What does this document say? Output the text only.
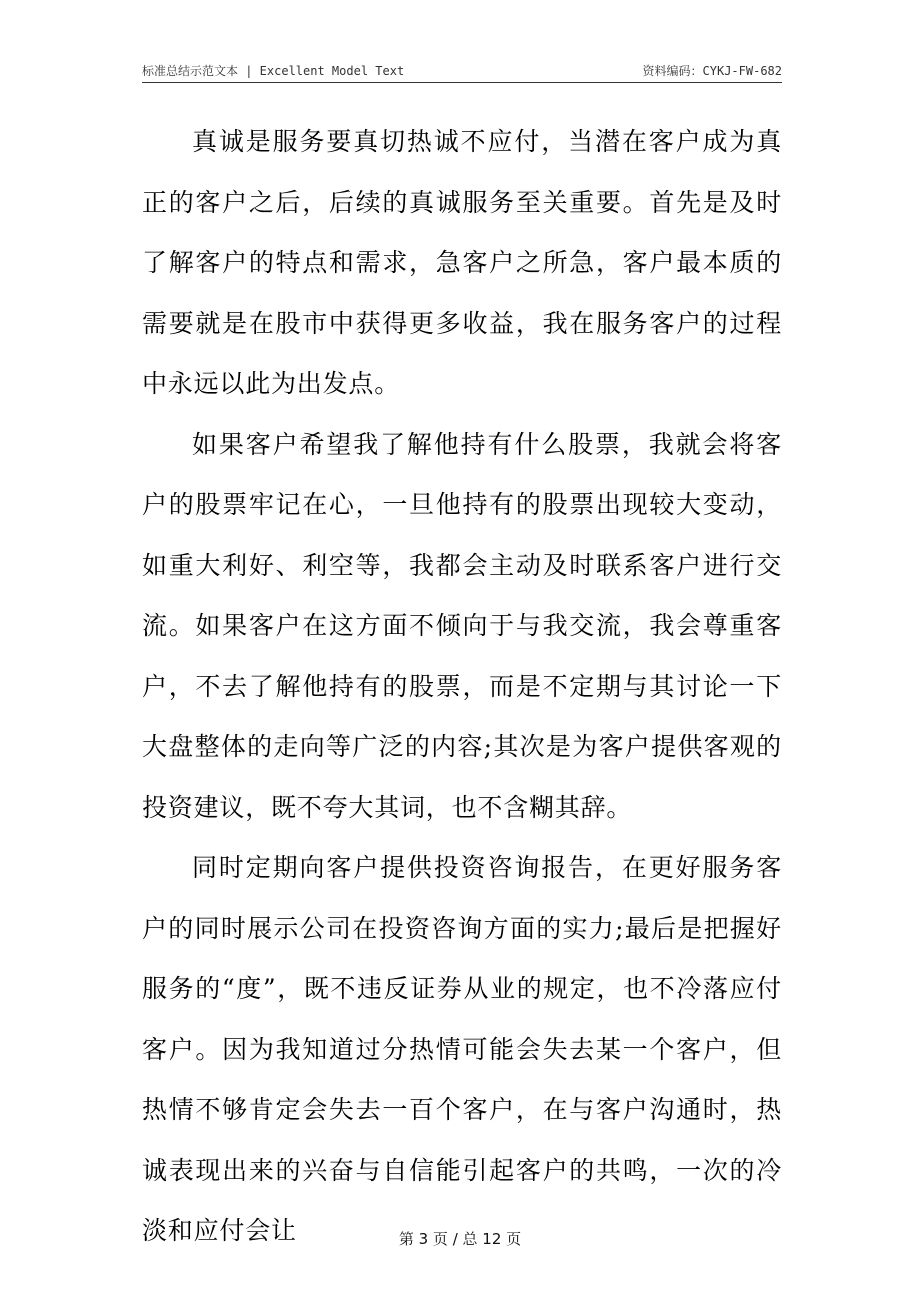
标准总结示范文本 | Excellent Model Text	资料编码：CYKJ-FW-682

真诚是服务要真切热诚不应付，当潜在客户成为真正的客户之后，后续的真诚服务至关重要。首先是及时了解客户的特点和需求，急客户之所急，客户最本质的需要就是在股市中获得更多收益，我在服务客户的过程中永远以此为出发点。

如果客户希望我了解他持有什么股票，我就会将客户的股票牢记在心，一旦他持有的股票出现较大变动，如重大利好、利空等，我都会主动及时联系客户进行交流。如果客户在这方面不倾向于与我交流，我会尊重客户，不去了解他持有的股票，而是不定期与其讨论一下大盘整体的走向等广泛的内容;其次是为客户提供客观的投资建议，既不夸大其词，也不含糊其辞。

同时定期向客户提供投资咨询报告，在更好服务客户的同时展示公司在投资咨询方面的实力;最后是把握好服务的“度”，既不违反证券从业的规定，也不冷落应付客户。因为我知道过分热情可能会失去某一个客户，但热情不够肯定会失去一百个客户，在与客户沟通时，热诚表现出来的兴奋与自信能引起客户的共鸣，一次的冷淡和应付会让	第 3 页 / 总 12 页
